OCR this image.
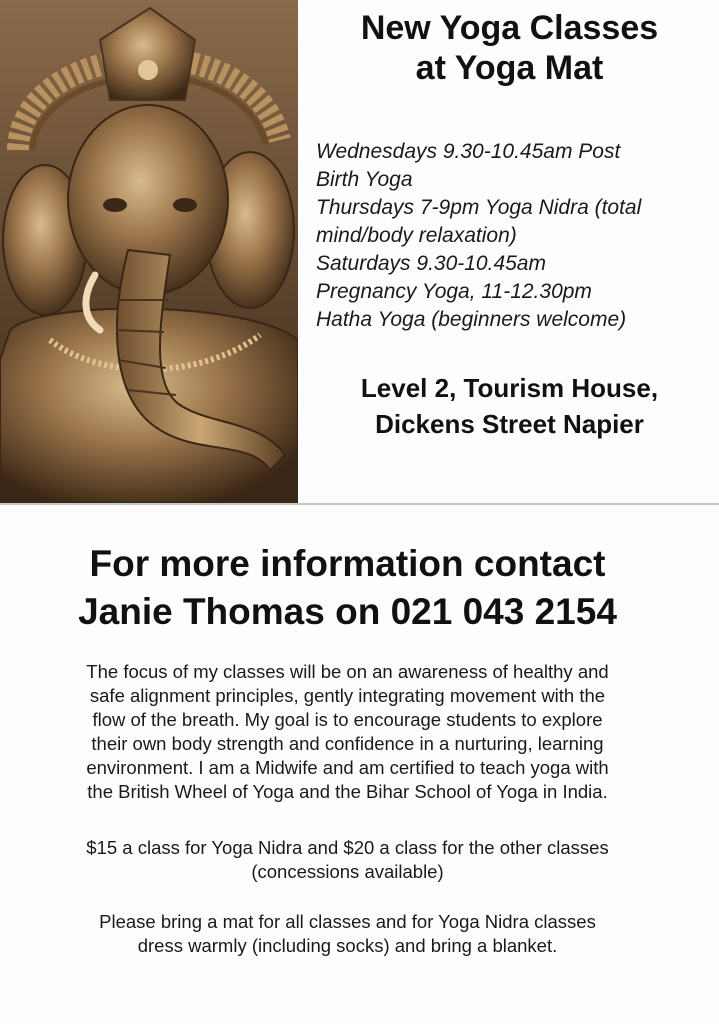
New Yoga Classes
at Yoga Mat
Wednesdays 9.30-10.45am Post
Birth Yoga
Thursdays 7-9pm Yoga Nidra (total
mind/body relaxation)
Saturdays 9.30-10.45am
Pregnancy Yoga, 11-12.30pm
Hatha Yoga (beginners welcome)
Level 2, Tourism House,
Dickens Street Napier
For more information contact
Janie Thomas on 021 043 2154
The focus of my classes will be on an awareness of healthy and
safe alignment principles, gently integrating movement with the
flow of the breath. My goal is to encourage students to explore
their own body strength and confidence in a nurturing, learning
environment. I am a Midwife and am certified to teach yoga with
the British Wheel of Yoga and the Bihar School of Yoga in India.
$15 a class for Yoga Nidra and $20 a class for the other classes
(concessions available)
Please bring a mat for all classes and for Yoga Nidra classes
dress warmly (including socks) and bring a blanket.
